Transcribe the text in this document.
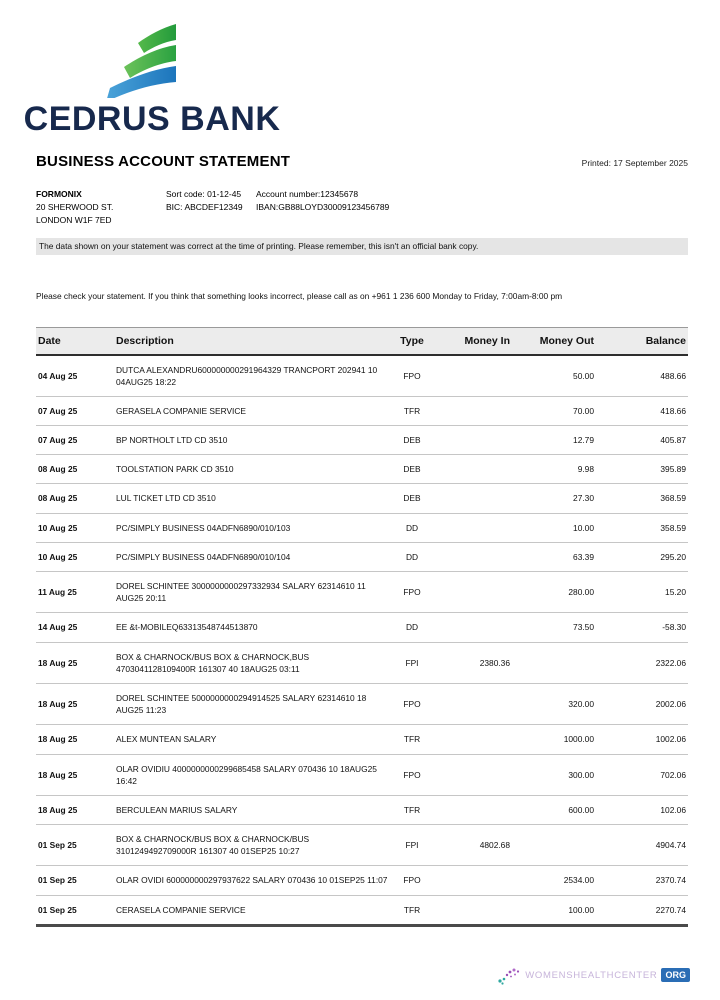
CEDRUS BANK
BUSINESS ACCOUNT STATEMENT	Printed: 17 September 2025
FORMONIX
20 SHERWOOD ST.
LONDON W1F 7ED
Sort code: 01-12-45
BIC: ABCDEF12349
Account number:12345678
IBAN:GB88LOYD30009123456789
The data shown on your statement was correct at the time of printing. Please remember, this isn't an official bank copy.
Please check your statement. If you think that something looks incorrect, please call as on +961 1 236 600 Monday to Friday, 7:00am-8:00 pm
Date	Description	Type	Money In	Money Out	Balance
04 Aug 25	DUTCA ALEXANDRU600000000291964329 TRANCPORT 202941 10 04AUG25 18:22	FPO		50.00	488.66
07 Aug 25	GERASELA COMPANIE SERVICE	TFR		70.00	418.66
07 Aug 25	BP NORTHOLT LTD CD 3510	DEB		12.79	405.87
08 Aug 25	TOOLSTATION PARK CD 3510	DEB		9.98	395.89
08 Aug 25	LUL TICKET LTD CD 3510	DEB		27.30	368.59
10 Aug 25	PC/SIMPLY BUSINESS 04ADFN6890/010/103	DD		10.00	358.59
10 Aug 25	PC/SIMPLY BUSINESS 04ADFN6890/010/104	DD		63.39	295.20
11 Aug 25	DOREL SCHINTEE 3000000000297332934 SALARY 62314610 11 AUG25 20:11	FPO		280.00	15.20
14 Aug 25	EE &t-MOBILEQ63313548744513870	DD		73.50	-58.30
18 Aug 25	BOX & CHARNOCK/BUS BOX & CHARNOCK,BUS 4703041128109400R 161307 40 18AUG25 03:11	FPI	2380.36		2322.06
18 Aug 25	DOREL SCHINTEE 5000000000294914525 SALARY 62314610 18 AUG25 11:23	FPO		320.00	2002.06
18 Aug 25	ALEX MUNTEAN SALARY	TFR		1000.00	1002.06
18 Aug 25	OLAR OVIDIU 4000000000299685458 SALARY 070436 10 18AUG25 16:42	FPO		300.00	702.06
18 Aug 25	BERCULEAN MARIUS SALARY	TFR		600.00	102.06
01 Sep 25	BOX & CHARNOCK/BUS BOX & CHARNOCK/BUS 3101249492709000R 161307 40 01SEP25 10:27	FPI	4802.68		4904.74
01 Sep 25	OLAR OVIDI 600000000297937622 SALARY 070436 10 01SEP25 11:07	FPO		2534.00	2370.74
01 Sep 25	CERASELA COMPANIE SERVICE	TFR		100.00	2270.74
WOMENSHEALTHCENTER ORG
